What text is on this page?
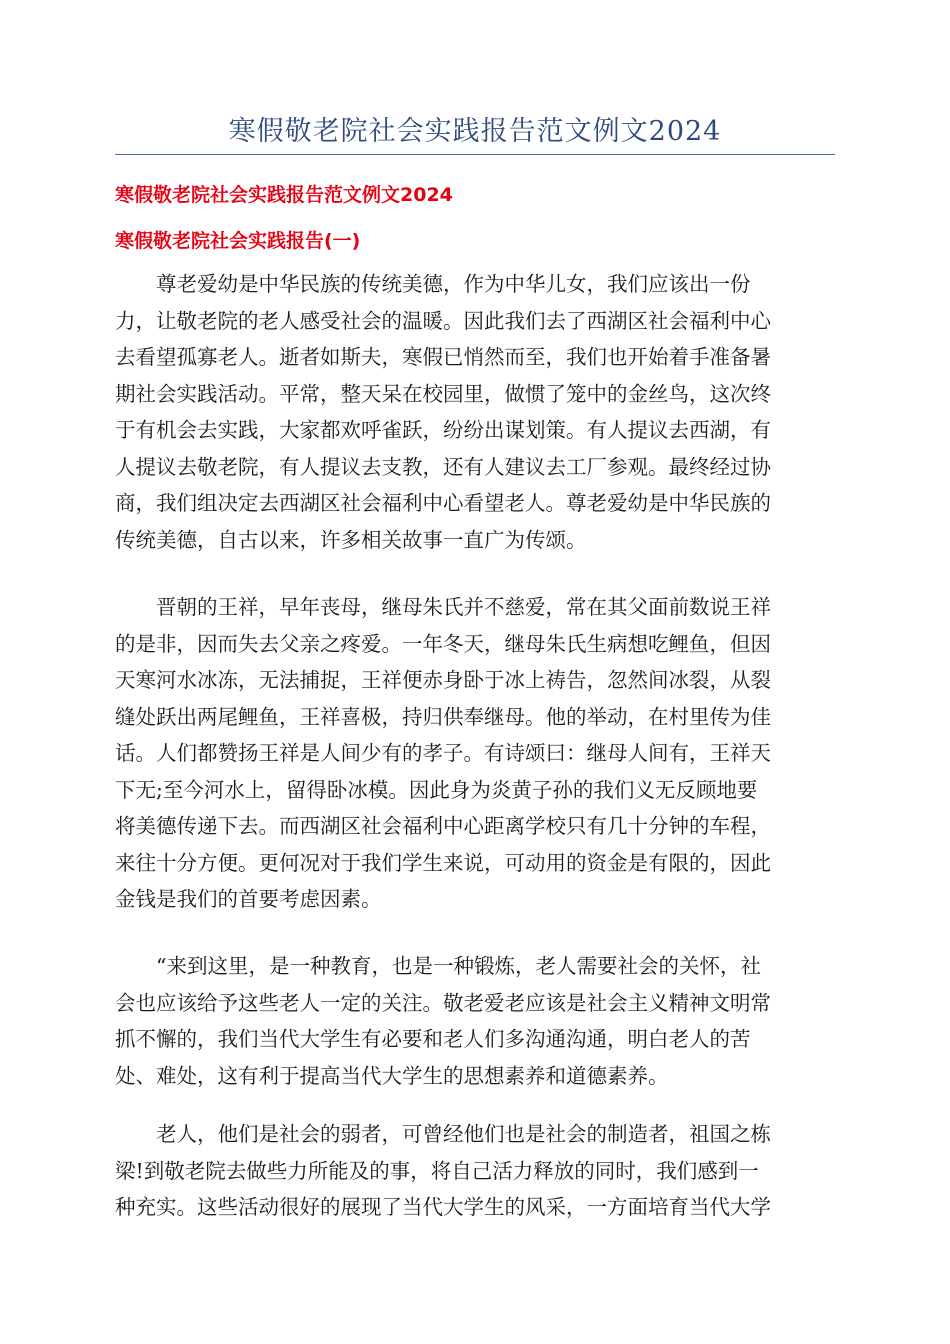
寒假敬老院社会实践报告范文例文2024
寒假敬老院社会实践报告范文例文2024
寒假敬老院社会实践报告(一)
　　尊老爱幼是中华民族的传统美德，作为中华儿女，我们应该出一份
力，让敬老院的老人感受社会的温暖。因此我们去了西湖区社会福利中心
去看望孤寡老人。逝者如斯夫，寒假已悄然而至，我们也开始着手准备暑
期社会实践活动。平常，整天呆在校园里，做惯了笼中的金丝鸟，这次终
于有机会去实践，大家都欢呼雀跃，纷纷出谋划策。有人提议去西湖，有
人提议去敬老院，有人提议去支教，还有人建议去工厂参观。最终经过协
商，我们组决定去西湖区社会福利中心看望老人。尊老爱幼是中华民族的
传统美德，自古以来，许多相关故事一直广为传颂。
　　晋朝的王祥，早年丧母，继母朱氏并不慈爱，常在其父面前数说王祥
的是非，因而失去父亲之疼爱。一年冬天，继母朱氏生病想吃鲤鱼，但因
天寒河水冰冻，无法捕捉，王祥便赤身卧于冰上祷告，忽然间冰裂，从裂
缝处跃出两尾鲤鱼，王祥喜极，持归供奉继母。他的举动，在村里传为佳
话。人们都赞扬王祥是人间少有的孝子。有诗颂曰：继母人间有，王祥天
下无;至今河水上，留得卧冰模。因此身为炎黄子孙的我们义无反顾地要
将美德传递下去。而西湖区社会福利中心距离学校只有几十分钟的车程，
来往十分方便。更何况对于我们学生来说，可动用的资金是有限的，因此
金钱是我们的首要考虑因素。
　　“来到这里，是一种教育，也是一种锻炼，老人需要社会的关怀，社
会也应该给予这些老人一定的关注。敬老爱老应该是社会主义精神文明常
抓不懈的，我们当代大学生有必要和老人们多沟通沟通，明白老人的苦
处、难处，这有利于提高当代大学生的思想素养和道德素养。
　　老人，他们是社会的弱者，可曾经他们也是社会的制造者，祖国之栋
梁!到敬老院去做些力所能及的事，将自己活力释放的同时，我们感到一
种充实。这些活动很好的展现了当代大学生的风采，一方面培育当代大学
